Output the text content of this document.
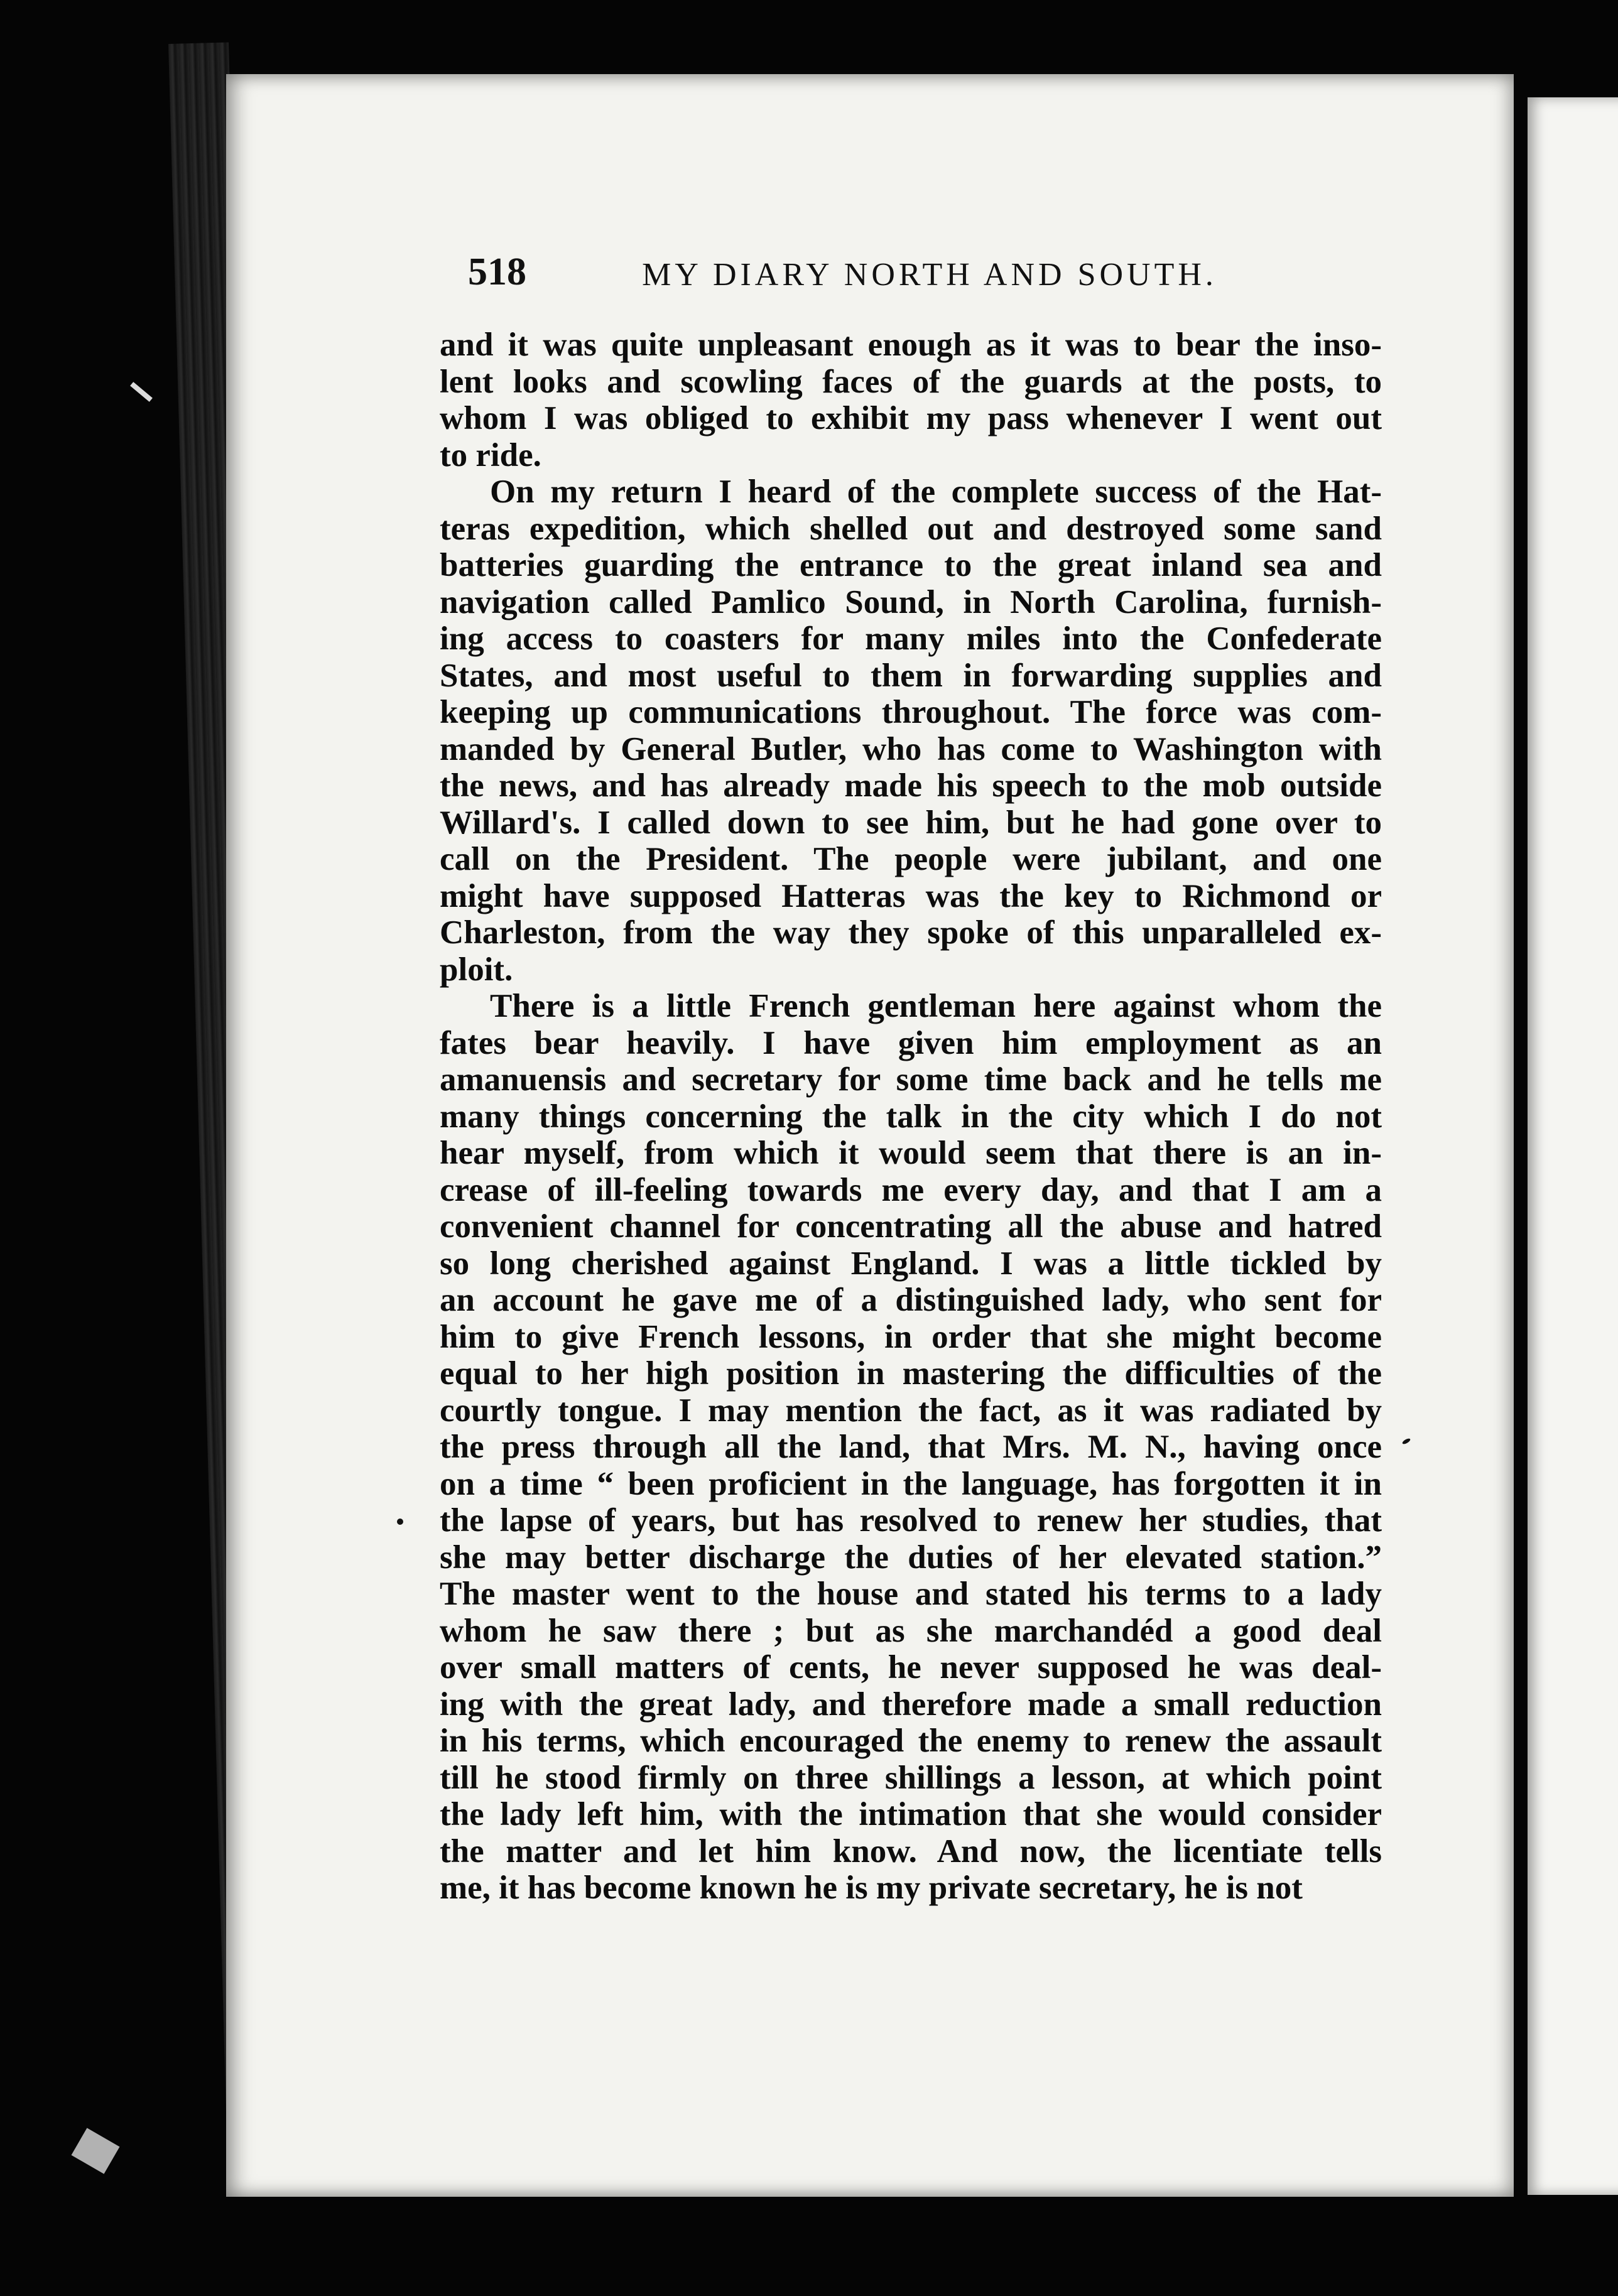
518	MY DIARY NORTH AND SOUTH.

and it was quite unpleasant enough as it was to bear the inso-
lent looks and scowling faces of the guards at the posts, to
whom I was obliged to exhibit my pass whenever I went out
to ride.

On my return I heard of the complete success of the Hat-
teras expedition, which shelled out and destroyed some sand
batteries guarding the entrance to the great inland sea and
navigation called Pamlico Sound, in North Carolina, furnish-
ing access to coasters for many miles into the Confederate
States, and most useful to them in forwarding supplies and
keeping up communications throughout. The force was com-
manded by General Butler, who has come to Washington with
the news, and has already made his speech to the mob outside
Willard's. I called down to see him, but he had gone over to
call on the President. The people were jubilant, and one
might have supposed Hatteras was the key to Richmond or
Charleston, from the way they spoke of this unparalleled ex-
ploit.

There is a little French gentleman here against whom the
fates bear heavily. I have given him employment as an
amanuensis and secretary for some time back and he tells me
many things concerning the talk in the city which I do not
hear myself, from which it would seem that there is an in-
crease of ill-feeling towards me every day, and that I am a
convenient channel for concentrating all the abuse and hatred
so long cherished against England. I was a little tickled by
an account he gave me of a distinguished lady, who sent for
him to give French lessons, in order that she might become
equal to her high position in mastering the difficulties of the
courtly tongue. I may mention the fact, as it was radiated by
the press through all the land, that Mrs. M. N., having once
on a time “ been proficient in the language, has forgotten it in
the lapse of years, but has resolved to renew her studies, that
she may better discharge the duties of her elevated station.”
The master went to the house and stated his terms to a lady
whom he saw there ; but as she marchandéd a good deal
over small matters of cents, he never supposed he was deal-
ing with the great lady, and therefore made a small reduction
in his terms, which encouraged the enemy to renew the assault
till he stood firmly on three shillings a lesson, at which point
the lady left him, with the intimation that she would consider
the matter and let him know. And now, the licentiate tells
me, it has become known he is my private secretary, he is not
